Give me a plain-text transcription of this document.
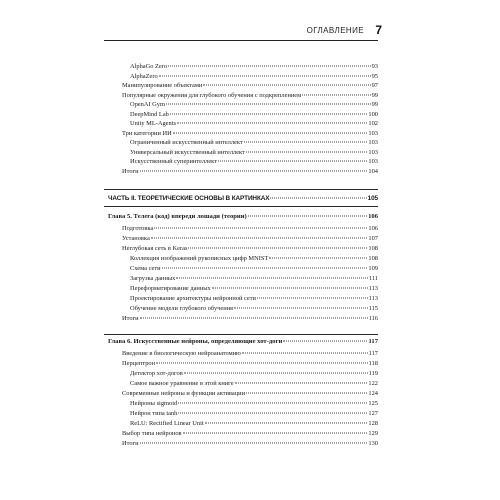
ОГЛАВЛЕНИЕ 7
AlphaGo Zero	93
AlphaZero	95
Манипулирование объектами	97
Популярные окружения для глубокого обучения с подкреплением	99
OpenAI Gym	99
DeepMind Lab	100
Unity ML-Agents	102
Три категории ИИ	103
Ограниченный искусственный интеллект	103
Универсальный искусственный интеллект	103
Искусственный суперинтеллект	103
Итоги	104
ЧАСТЬ II. ТЕОРЕТИЧЕСКИЕ ОСНОВЫ В КАРТИНКАХ	105
Глава 5. Телега (код) впереди лошади (теории)	106
Подготовка	106
Установка	107
Неглубокая сеть в Keras	108
Коллекция изображений рукописных цифр MNIST	108
Схема сети	109
Загрузка данных	111
Переформатирование данных	113
Проектирование архитектуры нейронной сети	113
Обучение модели глубокого обучения	115
Итоги	116
Глава 6. Искусственные нейроны, определяющие хот-доги	117
Введение в биологическую нейроанатомию	117
Перцептрон	118
Детектор хот-догов	119
Самое важное уравнение в этой книге	122
Современные нейроны и функции активации	124
Нейроны sigmoid	125
Нейрон типа tanh	127
ReLU: Rectified Linear Unit	128
Выбор типа нейронов	129
Итоги	130
